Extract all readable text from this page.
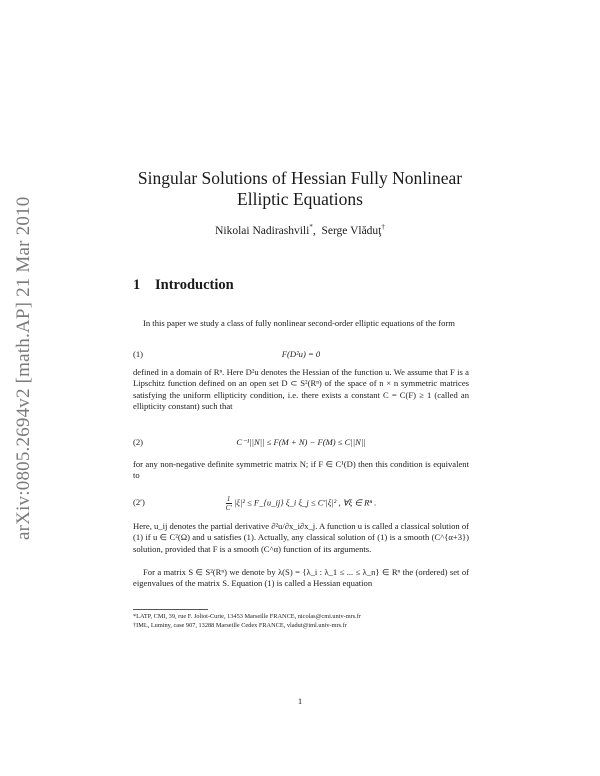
arXiv:0805.2694v2 [math.AP] 21 Mar 2010
Singular Solutions of Hessian Fully Nonlinear
Elliptic Equations
Nikolai Nadirashvili*,  Serge Vlăduţ†
1 Introduction
In this paper we study a class of fully nonlinear second-order elliptic equations of the form
(1)	F(D²u) = 0
defined in a domain of Rⁿ. Here D²u denotes the Hessian of the function u. We assume that F is a Lipschitz function defined on an open set D ⊂ S²(Rⁿ) of the space of n × n symmetric matrices satisfying the uniform ellipticity condition, i.e. there exists a constant C = C(F) ≥ 1 (called an ellipticity constant) such that
(2)	C⁻¹||N|| ≤ F(M + N) − F(M) ≤ C||N||
for any non-negative definite symmetric matrix N; if F ∈ C¹(D) then this condition is equivalent to
(2′)	$\frac{1}{C'} |\xi|^2$ ≤ F_{u_ij} ξ_i ξ_j ≤ C′|ξ|² , ∀ξ ∈ Rⁿ .
Here, u_ij denotes the partial derivative ∂²u/∂x_i∂x_j. A function u is called a classical solution of (1) if u ∈ C²(Ω) and u satisfies (1). Actually, any classical solution of (1) is a smooth (C^{α+3}) solution, provided that F is a smooth (C^α) function of its arguments.
For a matrix S ∈ S²(Rⁿ) we denote by λ(S) = {λ_i : λ_1 ≤ ... ≤ λ_n} ∈ Rⁿ the (ordered) set of eigenvalues of the matrix S. Equation (1) is called a Hessian equation
*LATP, CMI, 39, rue F. Joliot-Curie, 13453 Marseille FRANCE, nicolas@cmi.univ-mrs.fr
†IML, Luminy, case 907, 13288 Marseille Cedex FRANCE, vladut@iml.univ-mrs.fr
1
